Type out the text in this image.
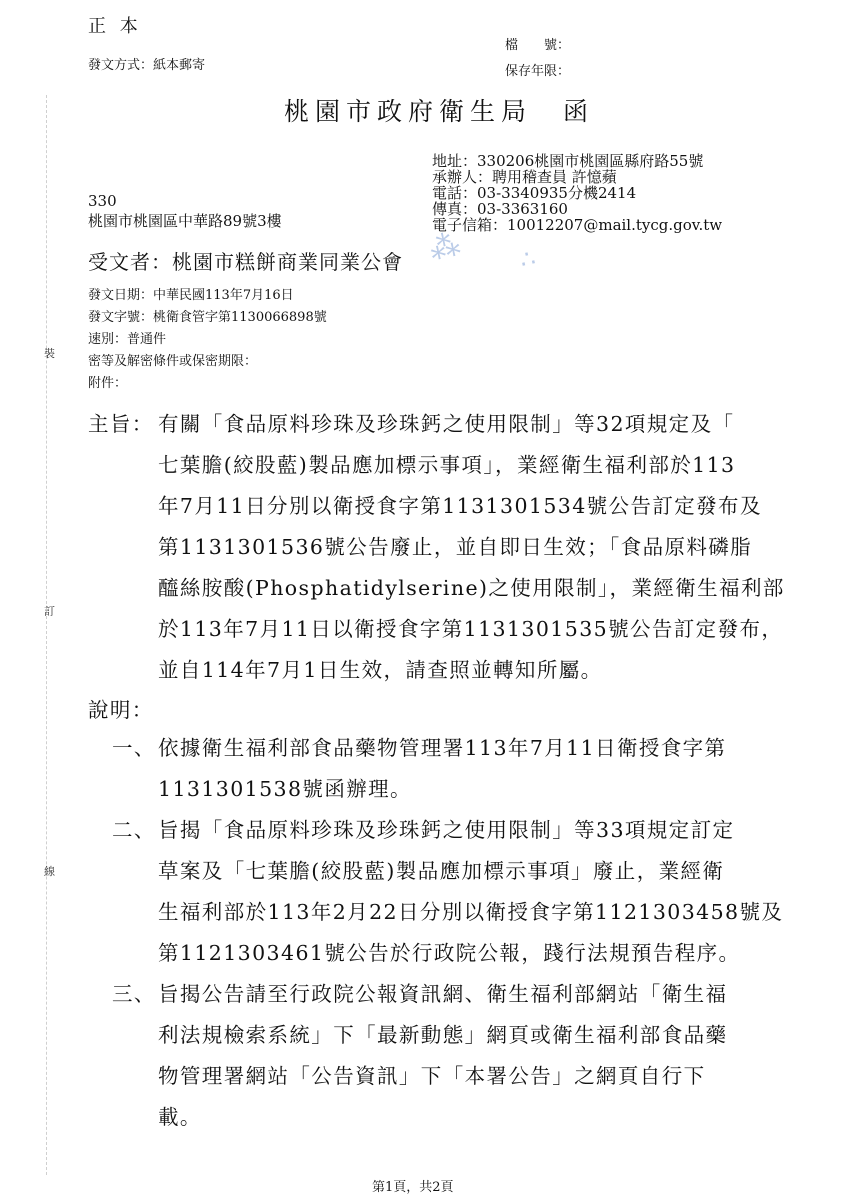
正 本
發文方式：紙本郵寄
檔　　號：
保存年限：
桃園市政府衛生局　函
地址：330206桃園市桃園區縣府路55號
承辦人：聘用稽查員 許憶蘋
電話：03-3340935分機2414
傳真：03-3363160
電子信箱：10012207@mail.tycg.gov.tw
330
桃園市桃園區中華路89號3樓
⁂ ∴
受文者：桃園市糕餅商業同業公會
發文日期：中華民國113年7月16日
發文字號：桃衛食管字第1130066898號
速別：普通件
密等及解密條件或保密期限：
附件：
裝
訂
線
主旨： 有關「食品原料珍珠及珍珠鈣之使用限制」等32項規定及「
七葉膽(絞股藍)製品應加標示事項」，業經衛生福利部於113
年7月11日分別以衛授食字第1131301534號公告訂定發布及
第1131301536號公告廢止，並自即日生效；「食品原料磷脂
醯絲胺酸(Phosphatidylserine)之使用限制」，業經衛生福利部
於113年7月11日以衛授食字第1131301535號公告訂定發布，
並自114年7月1日生效，請查照並轉知所屬。
說明：
一、 依據衛生福利部食品藥物管理署113年7月11日衛授食字第
1131301538號函辦理。
二、 旨揭「食品原料珍珠及珍珠鈣之使用限制」等33項規定訂定
草案及「七葉膽(絞股藍)製品應加標示事項」廢止，業經衛
生福利部於113年2月22日分別以衛授食字第1121303458號及
第1121303461號公告於行政院公報，踐行法規預告程序。
三、 旨揭公告請至行政院公報資訊網、衛生福利部網站「衛生福
利法規檢索系統」下「最新動態」網頁或衛生福利部食品藥
物管理署網站「公告資訊」下「本署公告」之網頁自行下
載。
第1頁，共2頁
